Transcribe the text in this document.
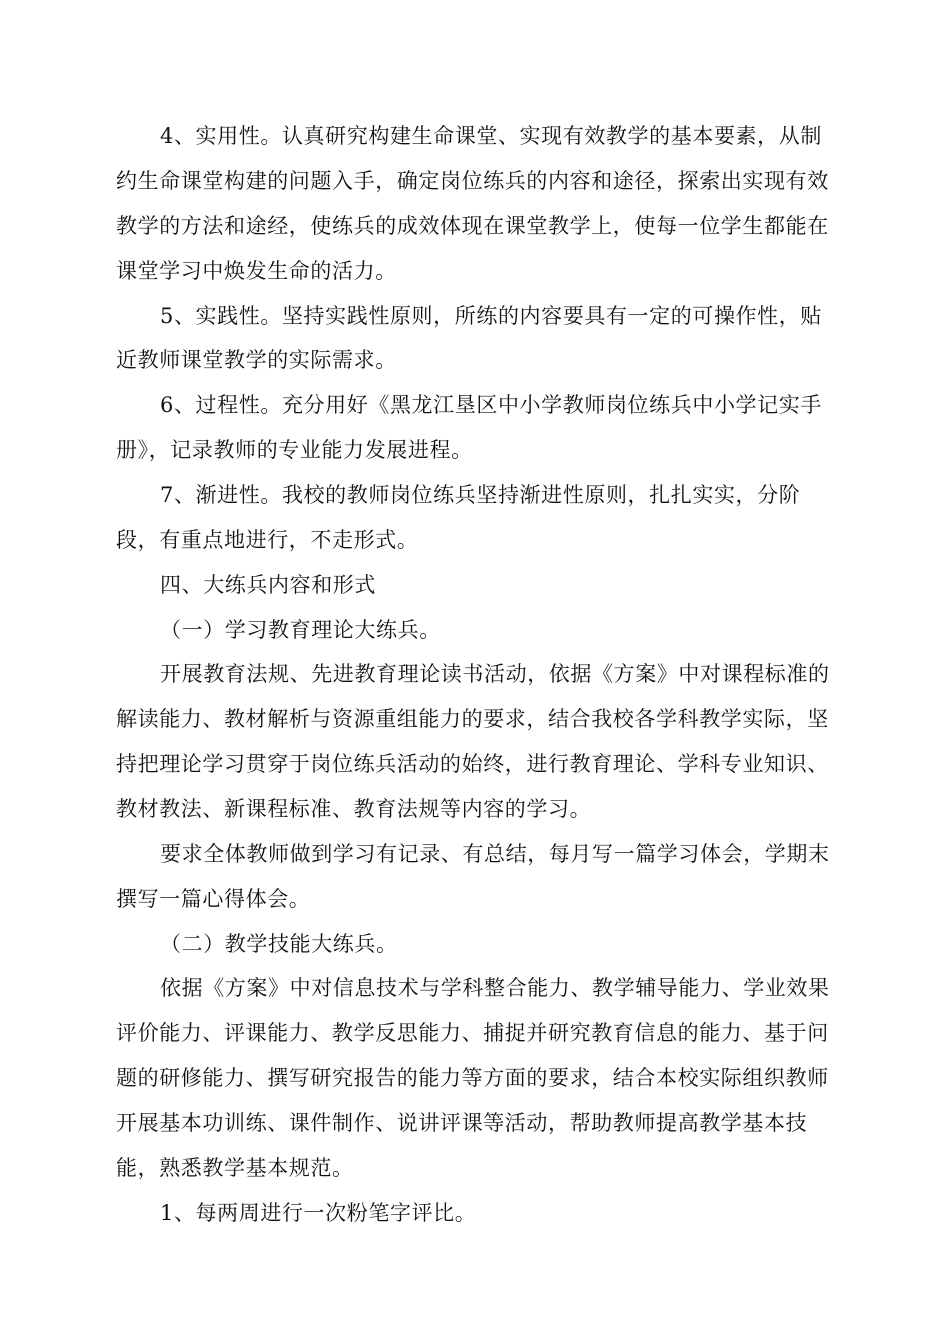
4、实用性。认真研究构建生命课堂、实现有效教学的基本要素，从制
约生命课堂构建的问题入手，确定岗位练兵的内容和途径，探索出实现有效
教学的方法和途经，使练兵的成效体现在课堂教学上，使每一位学生都能在
课堂学习中焕发生命的活力。
5、实践性。坚持实践性原则，所练的内容要具有一定的可操作性，贴
近教师课堂教学的实际需求。
6、过程性。充分用好《黑龙江垦区中小学教师岗位练兵中小学记实手
册》，记录教师的专业能力发展进程。
7、渐进性。我校的教师岗位练兵坚持渐进性原则，扎扎实实，分阶
段，有重点地进行，不走形式。
四、大练兵内容和形式
（一）学习教育理论大练兵。
开展教育法规、先进教育理论读书活动，依据《方案》中对课程标准的
解读能力、教材解析与资源重组能力的要求，结合我校各学科教学实际，坚
持把理论学习贯穿于岗位练兵活动的始终，进行教育理论、学科专业知识、
教材教法、新课程标准、教育法规等内容的学习。
要求全体教师做到学习有记录、有总结，每月写一篇学习体会，学期末
撰写一篇心得体会。
（二）教学技能大练兵。
依据《方案》中对信息技术与学科整合能力、教学辅导能力、学业效果
评价能力、评课能力、教学反思能力、捕捉并研究教育信息的能力、基于问
题的研修能力、撰写研究报告的能力等方面的要求，结合本校实际组织教师
开展基本功训练、课件制作、说讲评课等活动，帮助教师提高教学基本技
能，熟悉教学基本规范。
1、每两周进行一次粉笔字评比。
